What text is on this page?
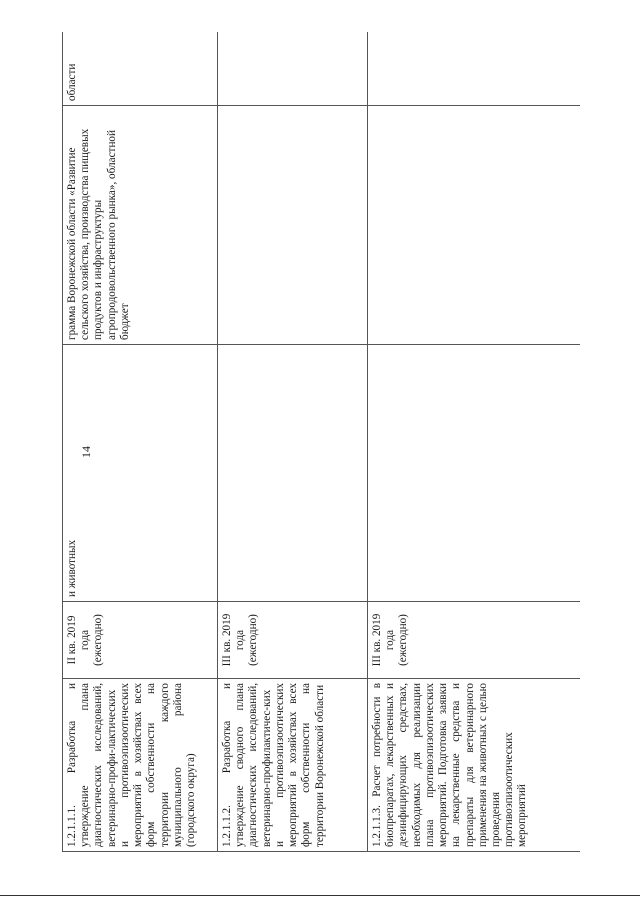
14
1.2.1.1.1. Разработка и утверждение плана диагностических исследований, ветеринарно-профи-лактических и противоэпизоотических мероприятий в хозяйствах всех форм собственности на территории каждого муниципального района (городского округа)	II кв. 2019 года (ежегодно)	и животных	грамма Воронежской области «Развитие сельского хозяйства, производства пищевых продуктов и инфраструктуры агропродовольственного рынка», областной бюджет	области
1.2.1.1.2. Разработка и утверждение сводного плана диагностических исследований, ветеринарно-профилактичес-ких и противоэпизоотических мероприятий в хозяйствах всех форм собственности на территории Воронежской области	III кв. 2019 года (ежегодно)			
1.2.1.1.3. Расчет потребности в биопрепаратах, лекарственных и дезинфицирующих средствах, необходимых для реализации плана противоэпизоотических мероприятий. Подготовка заявки на лекарственные средства и препараты для ветеринарного применения на животных с целью проведения противоэпизоотических мероприятий	III кв. 2019 года (ежегодно)			
